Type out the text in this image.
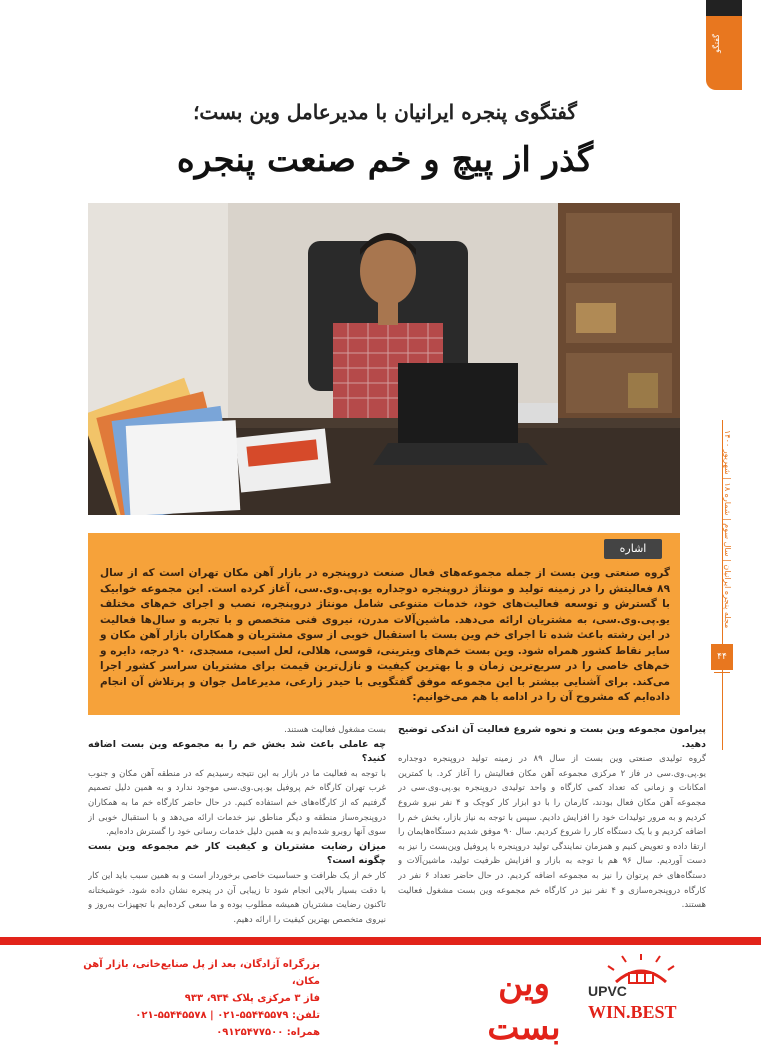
گفتگو
مجله پنجره ایرانیان | سال سوم | شماره ۱۸ | شهریور ۱۴۰۰
۴۴
گفتگوی پنجره ایرانیان با مدیرعامل وین بست؛
گذر از پیچ و خم صنعت پنجره
اشاره
گروه صنعتی وین بست از جمله مجموعه‌های فعال صنعت دروپنجره در بازار آهن مکان تهران است که از سال ۸۹ فعالیتش را در زمینه تولید و مونتاژ دروپنجره دوجداره یو.پی.وی.سی، آغاز کرده است. این مجموعه خوابیک با گسترش و توسعه فعالیت‌های خود، خدمات متنوعی شامل مونتاژ دروپنجره، نصب و اجرای خم‌های مختلف یو.پی.وی.سی، به مشتریان ارائه می‌دهد. ماشین‌آلات مدرن، نیروی فنی متخصص و با تجربه و سال‌ها فعالیت در این رشته باعث شده تا اجرای خم وین بست با استقبال خوبی از سوی مشتریان و همکاران بازار آهن مکان و سایر نقاط کشور همراه شود. وین بست خم‌های ویترینی، قوسی، هلالی، لعل اسبی، مسجدی، ۹۰ درجه، دایره و خم‌های خاصی را در سریع‌ترین زمان و با بهترین کیفیت و نازل‌ترین قیمت برای مشتریان سراسر کشور اجرا می‌کند. برای آشنایی بیشتر با این مجموعه موفق گفتگویی با حیدر زارعی، مدیرعامل جوان و پرتلاش آن انجام داده‌ایم که مشروح آن را در ادامه با هم می‌خوانیم:

پیرامون مجموعه وین بست و نحوه شروع فعالیت آن اندکی توضیح دهید.

گروه تولیدی صنعتی وین بست از سال ۸۹ در زمینه تولید دروپنجره دوجداره یو.پی.وی.سی در فاز ۲ مرکزی مجموعه آهن مکان فعالیتش را آغاز کرد. با کمترین امکانات و زمانی که تعداد کمی کارگاه و واحد تولیدی دروپنجره یو.پی.وی.سی در مجموعه آهن مکان فعال بودند، کارمان را با دو ابزار کار کوچک و ۴ نفر نیرو شروع کردیم و به مرور تولیدات خود را افزایش دادیم. سپس با توجه به نیاز بازار، بخش خم را اضافه کردیم و با یک دستگاه کار را شروع کردیم. سال ۹۰ موفق شدیم دستگاه‌هایمان را ارتقا داده و تعویض کنیم و همزمان نمایندگی تولید دروپنجره با پروفیل وین‌بست را نیز به دست آوردیم. سال ۹۶ هم با توجه به بازار و افزایش ظرفیت تولید، ماشین‌آلات و دستگاه‌های خم پرتوان را نیز به مجموعه اضافه کردیم. در حال حاضر تعداد ۶ نفر در کارگاه دروپنجره‌سازی و ۴ نفر نیز در کارگاه خم مجموعه وین بست مشغول فعالیت هستند.

بست مشغول فعالیت هستند.

چه عاملی باعث شد بخش خم را به مجموعه وین بست اضافه کنید؟

با توجه به فعالیت ما در بازار به این نتیجه رسیدیم که در منطقه آهن مکان و جنوب غرب تهران کارگاه خم پروفیل یو.پی.وی.سی موجود ندارد و به همین دلیل تصمیم گرفتیم که از کارگاه‌های خم استفاده کنیم. در حال حاضر کارگاه خم ما به همکاران دروپنجره‌ساز منطقه و دیگر مناطق نیز خدمات ارائه می‌دهد و با استقبال خوبی از سوی آنها روبرو شده‌ایم و به همین دلیل خدمات رسانی خود را گسترش داده‌ایم.

میزان رضایت مشتریان و کیفیت کار خم مجموعه وین بست چگونه است؟

کار خم از یک ظرافت و حساسیت خاصی برخوردار است و به همین سبب باید این کار با دقت بسیار بالایی انجام شود تا زیبایی آن در پنجره نشان داده شود. خوشبختانه تاکنون رضایت مشتریان همیشه مطلوب بوده و ما سعی کرده‌ایم با تجهیزات به‌روز و نیروی متخصص بهترین کیفیت را ارائه دهیم.

بزرگراه آزادگان، بعد از پل صنایع‌خانی، بازار آهن مکان،
فاز ۳ مرکزی پلاک ۹۳۴، ۹۳۳
تلفن: ۵۵۴۴۵۵۷۹-۰۲۱ | ۵۵۴۴۵۵۷۸-۰۲۱
همراه: ۰۹۱۲۵۴۷۷۵۰۰
وین بست
UPVC
WIN.BEST
